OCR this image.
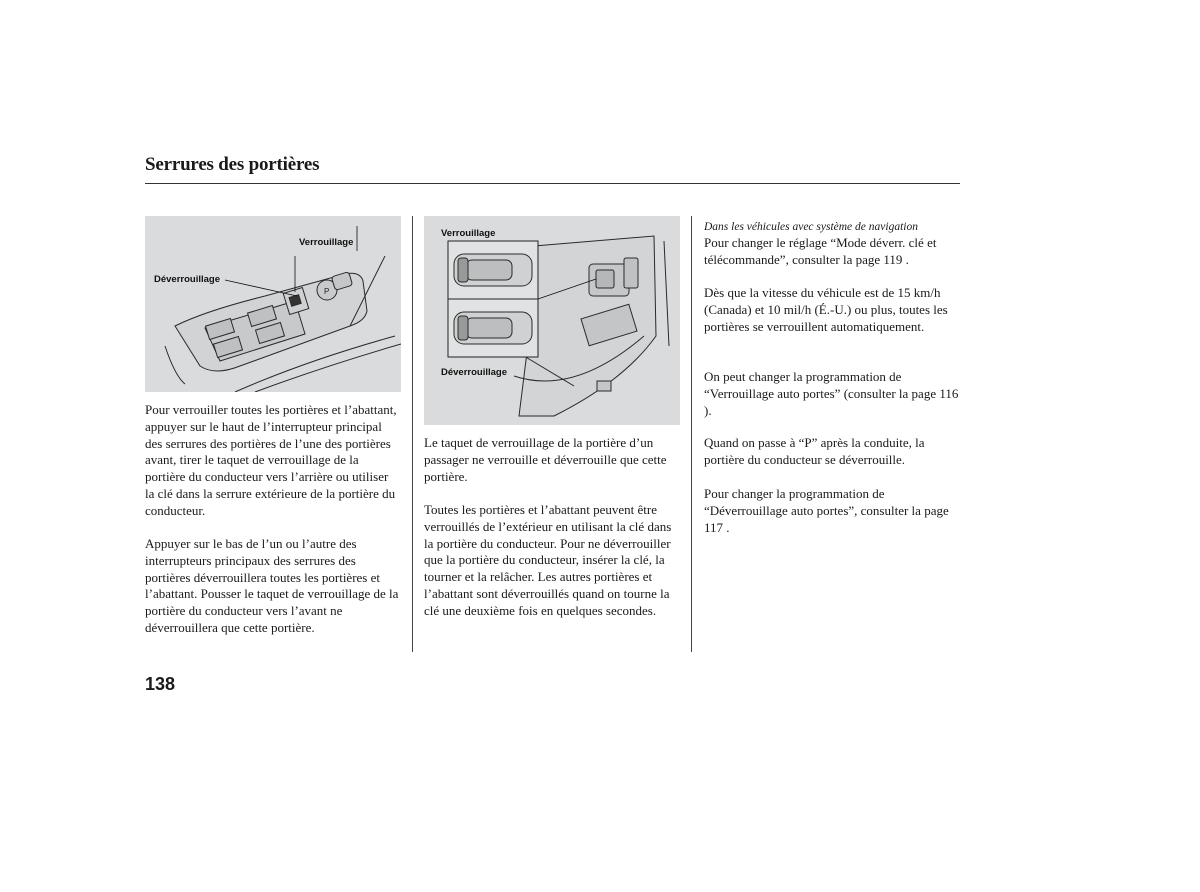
Serrures des portières
P
Verrouillage
Déverrouillage
Verrouillage
Déverrouillage

Pour verrouiller toutes les portières et l’abattant, appuyer sur le haut de l’interrupteur principal des serrures des portières de l’une des portières avant, tirer le taquet de verrouillage de la portière du conducteur vers l’arrière ou utiliser la clé dans la serrure extérieure de la portière du conducteur.

Appuyer sur le bas de l’un ou l’autre des interrupteurs principaux des serrures des portières déverrouillera toutes les portières et l’abattant. Pousser le taquet de verrouillage de la portière du conducteur vers l’avant ne déverrouillera que cette portière.

Le taquet de verrouillage de la portière d’un passager ne verrouille et déverrouille que cette portière.

Toutes les portières et l’abattant peuvent être verrouillés de l’extérieur en utilisant la clé dans la portière du conducteur. Pour ne déverrouiller que la portière du conducteur, insérer la clé, la tourner et la relâcher. Les autres portières et l’abattant sont déverrouillés quand on tourne la clé une deuxième fois en quelques secondes.

Dans les véhicules avec système de navigation

Pour changer le réglage “Mode déverr. clé et télécommande”, consulter la page 119 .

Dès que la vitesse du véhicule est de 15 km/h (Canada) et 10 mil/h (É.-U.) ou plus, toutes les portières se verrouillent automatiquement.

On peut changer la programmation de “Verrouillage auto portes” (consulter la page 116 ).

Quand on passe à “P” après la conduite, la portière du conducteur se déverrouille.

Pour changer la programmation de “Déverrouillage auto portes”, consulter la page 117 .

138
